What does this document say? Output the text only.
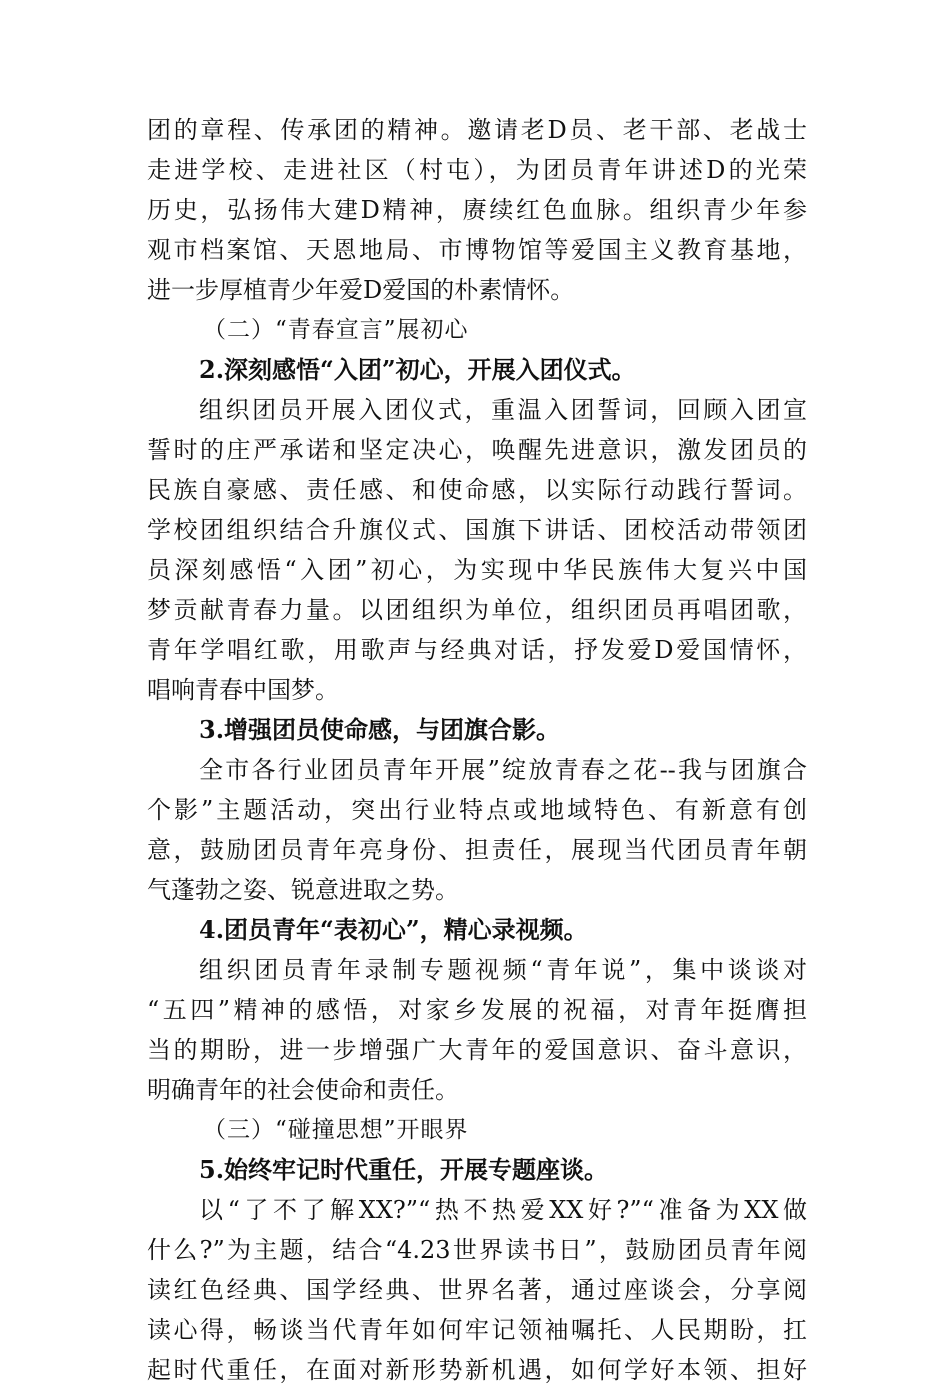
团的章程、传承团的精神。邀请老D员、老干部、老战士
走进学校、走进社区（村屯），为团员青年讲述D的光荣
历史，弘扬伟大建D精神，赓续红色血脉。组织青少年参
观市档案馆、天恩地局、市博物馆等爱国主义教育基地，
进一步厚植青少年爱D爱国的朴素情怀。
（二）“青春宣言”展初心
2.深刻感悟“入团”初心，开展入团仪式。
组织团员开展入团仪式，重温入团誓词，回顾入团宣
誓时的庄严承诺和坚定决心，唤醒先进意识，激发团员的
民族自豪感、责任感、和使命感，以实际行动践行誓词。
学校团组织结合升旗仪式、国旗下讲话、团校活动带领团
员深刻感悟“入团”初心，为实现中华民族伟大复兴中国
梦贡献青春力量。以团组织为单位，组织团员再唱团歌，
青年学唱红歌，用歌声与经典对话，抒发爱D爱国情怀，
唱响青春中国梦。
3.增强团员使命感，与团旗合影。
全市各行业团员青年开展”绽放青春之花--我与团旗合
个影”主题活动，突出行业特点或地域特色、有新意有创
意，鼓励团员青年亮身份、担责任，展现当代团员青年朝
气蓬勃之姿、锐意进取之势。
4.团员青年“表初心”，精心录视频。
组织团员青年录制专题视频“青年说”，集中谈谈对
“五四”精神的感悟，对家乡发展的祝福，对青年挺膺担
当的期盼，进一步增强广大青年的爱国意识、奋斗意识，
明确青年的社会使命和责任。
（三）“碰撞思想”开眼界
5.始终牢记时代重任，开展专题座谈。
以“了不了解XX?”“热不热爱XX好?”“准备为XX做
什么?”为主题，结合“4.23世界读书日”，鼓励团员青年阅
读红色经典、国学经典、世界名著，通过座谈会，分享阅
读心得，畅谈当代青年如何牢记领袖嘱托、人民期盼，扛
起时代重任，在面对新形势新机遇，如何学好本领、担好
